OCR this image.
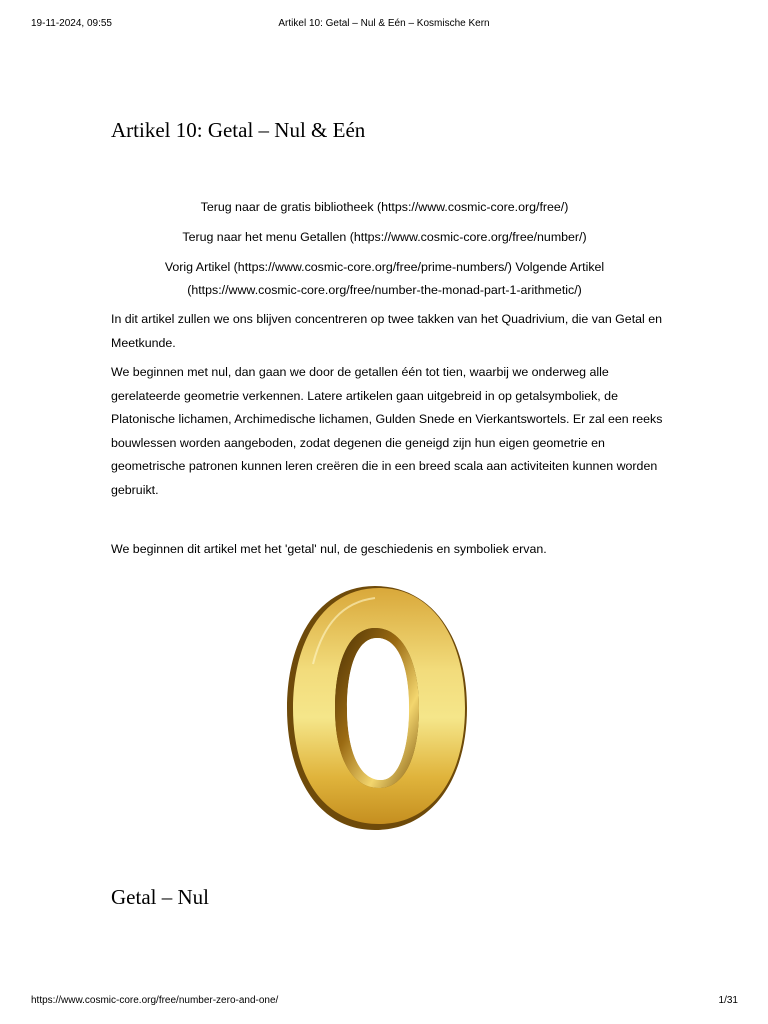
19-11-2024, 09:55	Artikel 10: Getal – Nul & Eén – Kosmische Kern
Artikel 10: Getal – Nul & Eén

Terug naar de gratis bibliotheek (https://www.cosmic-core.org/free/)

Terug naar het menu Getallen (https://www.cosmic-core.org/free/number/)

Vorig Artikel (https://www.cosmic-core.org/free/prime-numbers/) Volgende Artikel
(https://www.cosmic-core.org/free/number-the-monad-part-1-arithmetic/)

In dit artikel zullen we ons blijven concentreren op twee takken van het Quadrivium, die van Getal en Meetkunde.

We beginnen met nul, dan gaan we door de getallen één tot tien, waarbij we onderweg alle gerelateerde geometrie verkennen. Latere artikelen gaan uitgebreid in op getalsymboliek, de Platonische lichamen, Archimedische lichamen, Gulden Snede en Vierkantswortels. Er zal een reeks bouwlessen worden aangeboden, zodat degenen die geneigd zijn hun eigen geometrie en geometrische patronen kunnen leren creëren die in een breed scala aan activiteiten kunnen worden gebruikt.

We beginnen dit artikel met het 'getal' nul, de geschiedenis en symboliek ervan.

Getal – Nul
https://www.cosmic-core.org/free/number-zero-and-one/	1/31
